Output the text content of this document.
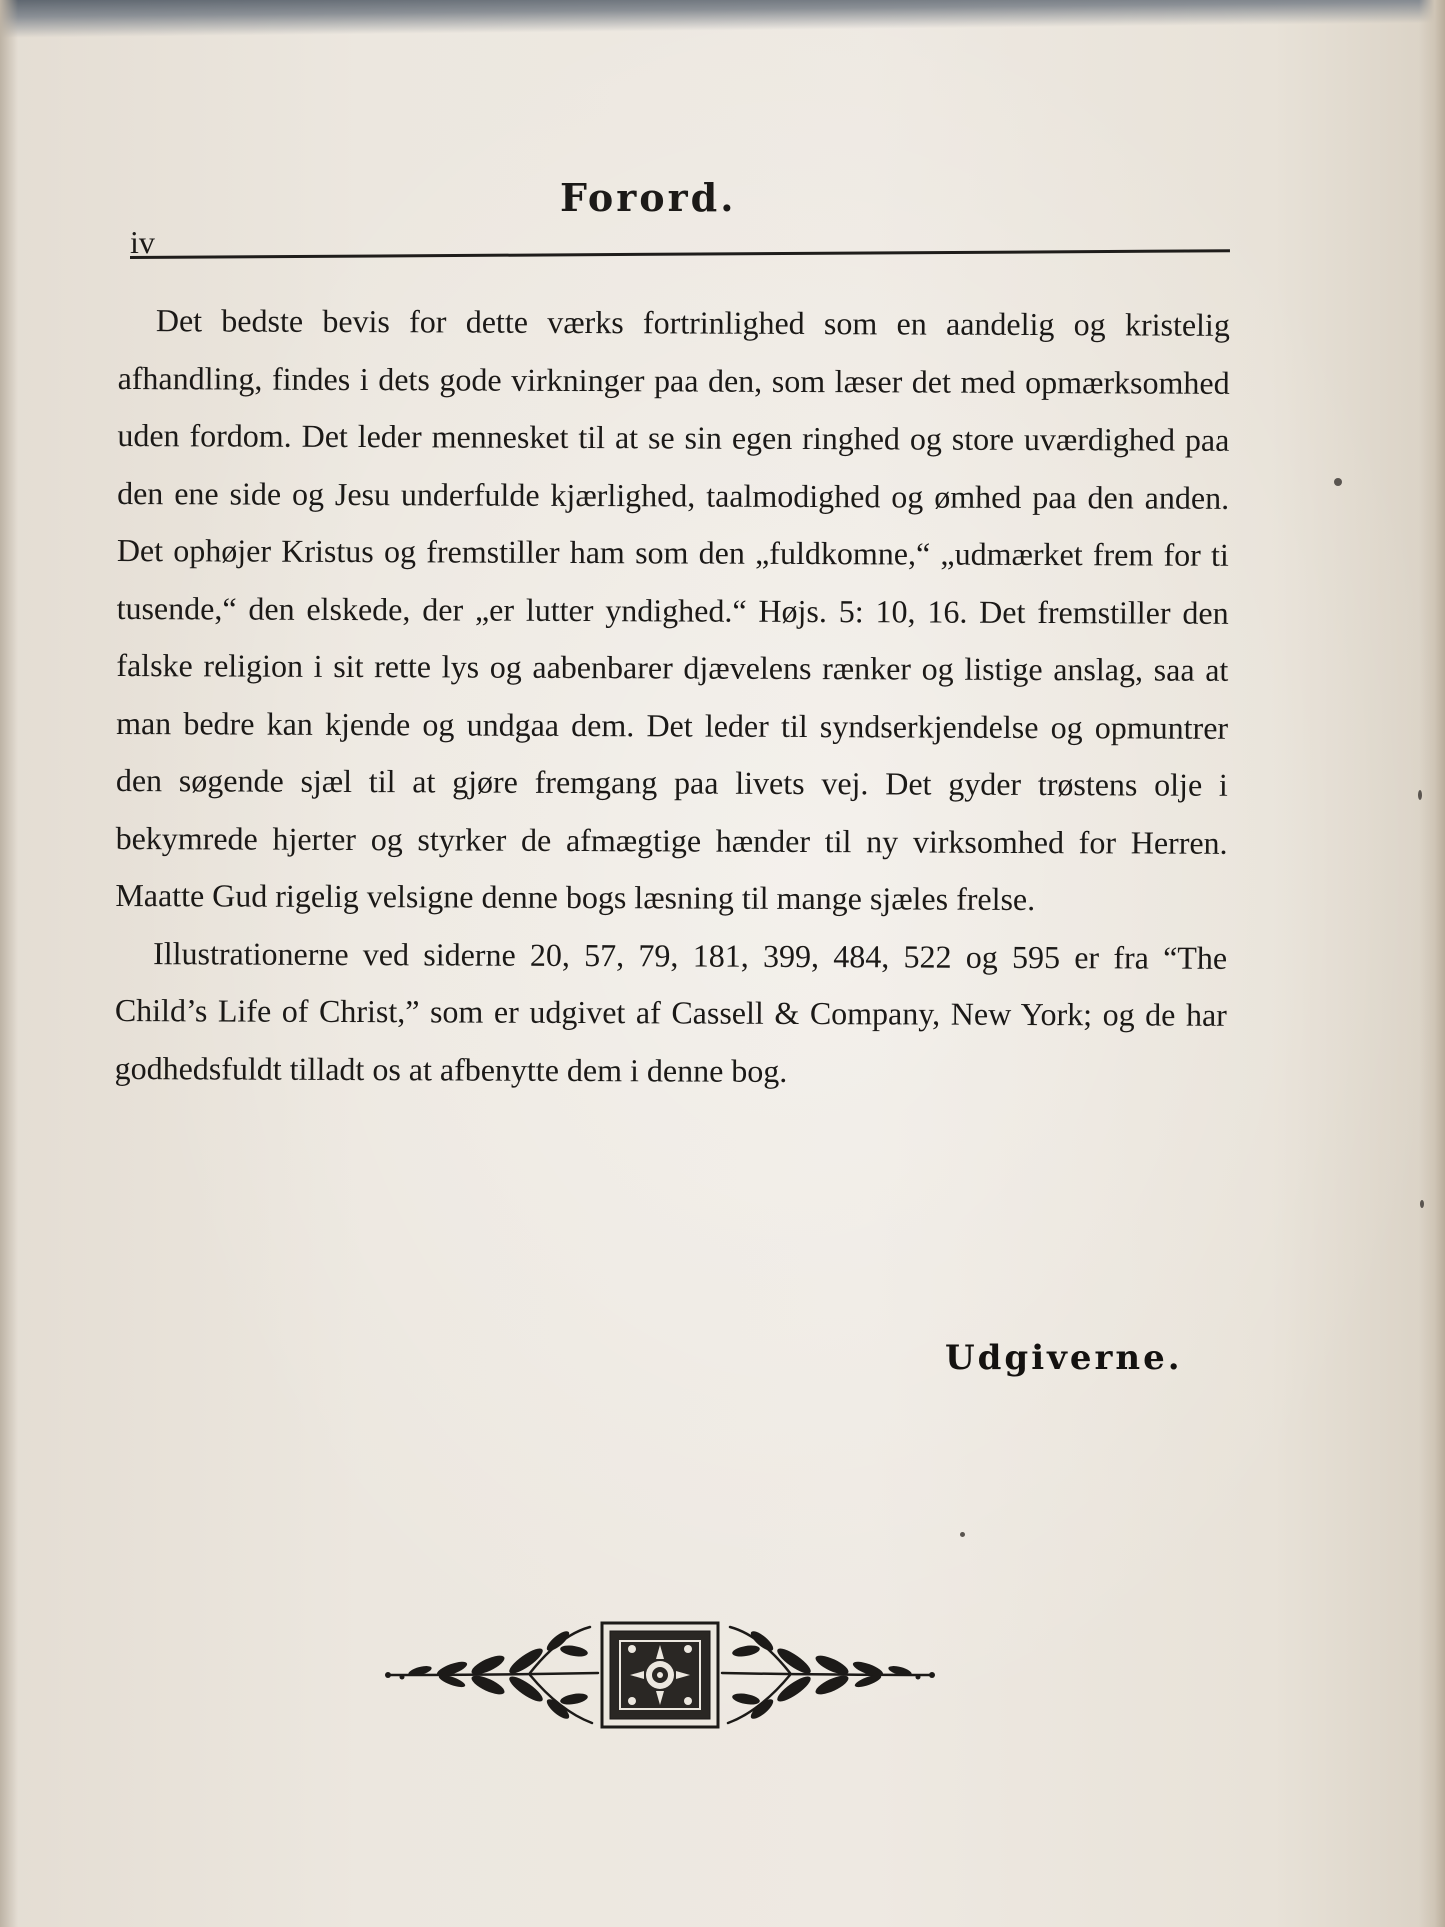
Forord.
iv

Det bedste bevis for dette værks fortrinlighed som en aandelig og kristelig afhandling, findes i dets gode virkninger paa den, som læser det med opmærksomhed uden fordom. Det leder mennesket til at se sin egen ringhed og store uværdighed paa den ene side og Jesu underfulde kjærlighed, taalmodighed og ømhed paa den anden. Det ophøjer Kristus og fremstiller ham som den „fuldkomne,“ „udmærket frem for ti tusende,“ den elskede, der „er lutter yndighed.“ Højs. 5: 10, 16. Det fremstiller den falske religion i sit rette lys og aabenbarer djævelens rænker og listige anslag, saa at man bedre kan kjende og undgaa dem. Det leder til syndserkjendelse og opmuntrer den søgende sjæl til at gjøre fremgang paa livets vej. Det gyder trøstens olje i bekymrede hjerter og styrker de afmægtige hænder til ny virksomhed for Herren. Maatte Gud rigelig velsigne denne bogs læsning til mange sjæles frelse.

Illustrationerne ved siderne 20, 57, 79, 181, 399, 484, 522 og 595 er fra “The Child’s Life of Christ,” som er udgivet af Cassell & Company, New York; og de har godhedsfuldt tilladt os at afbenytte dem i denne bog.

Udgiverne.
